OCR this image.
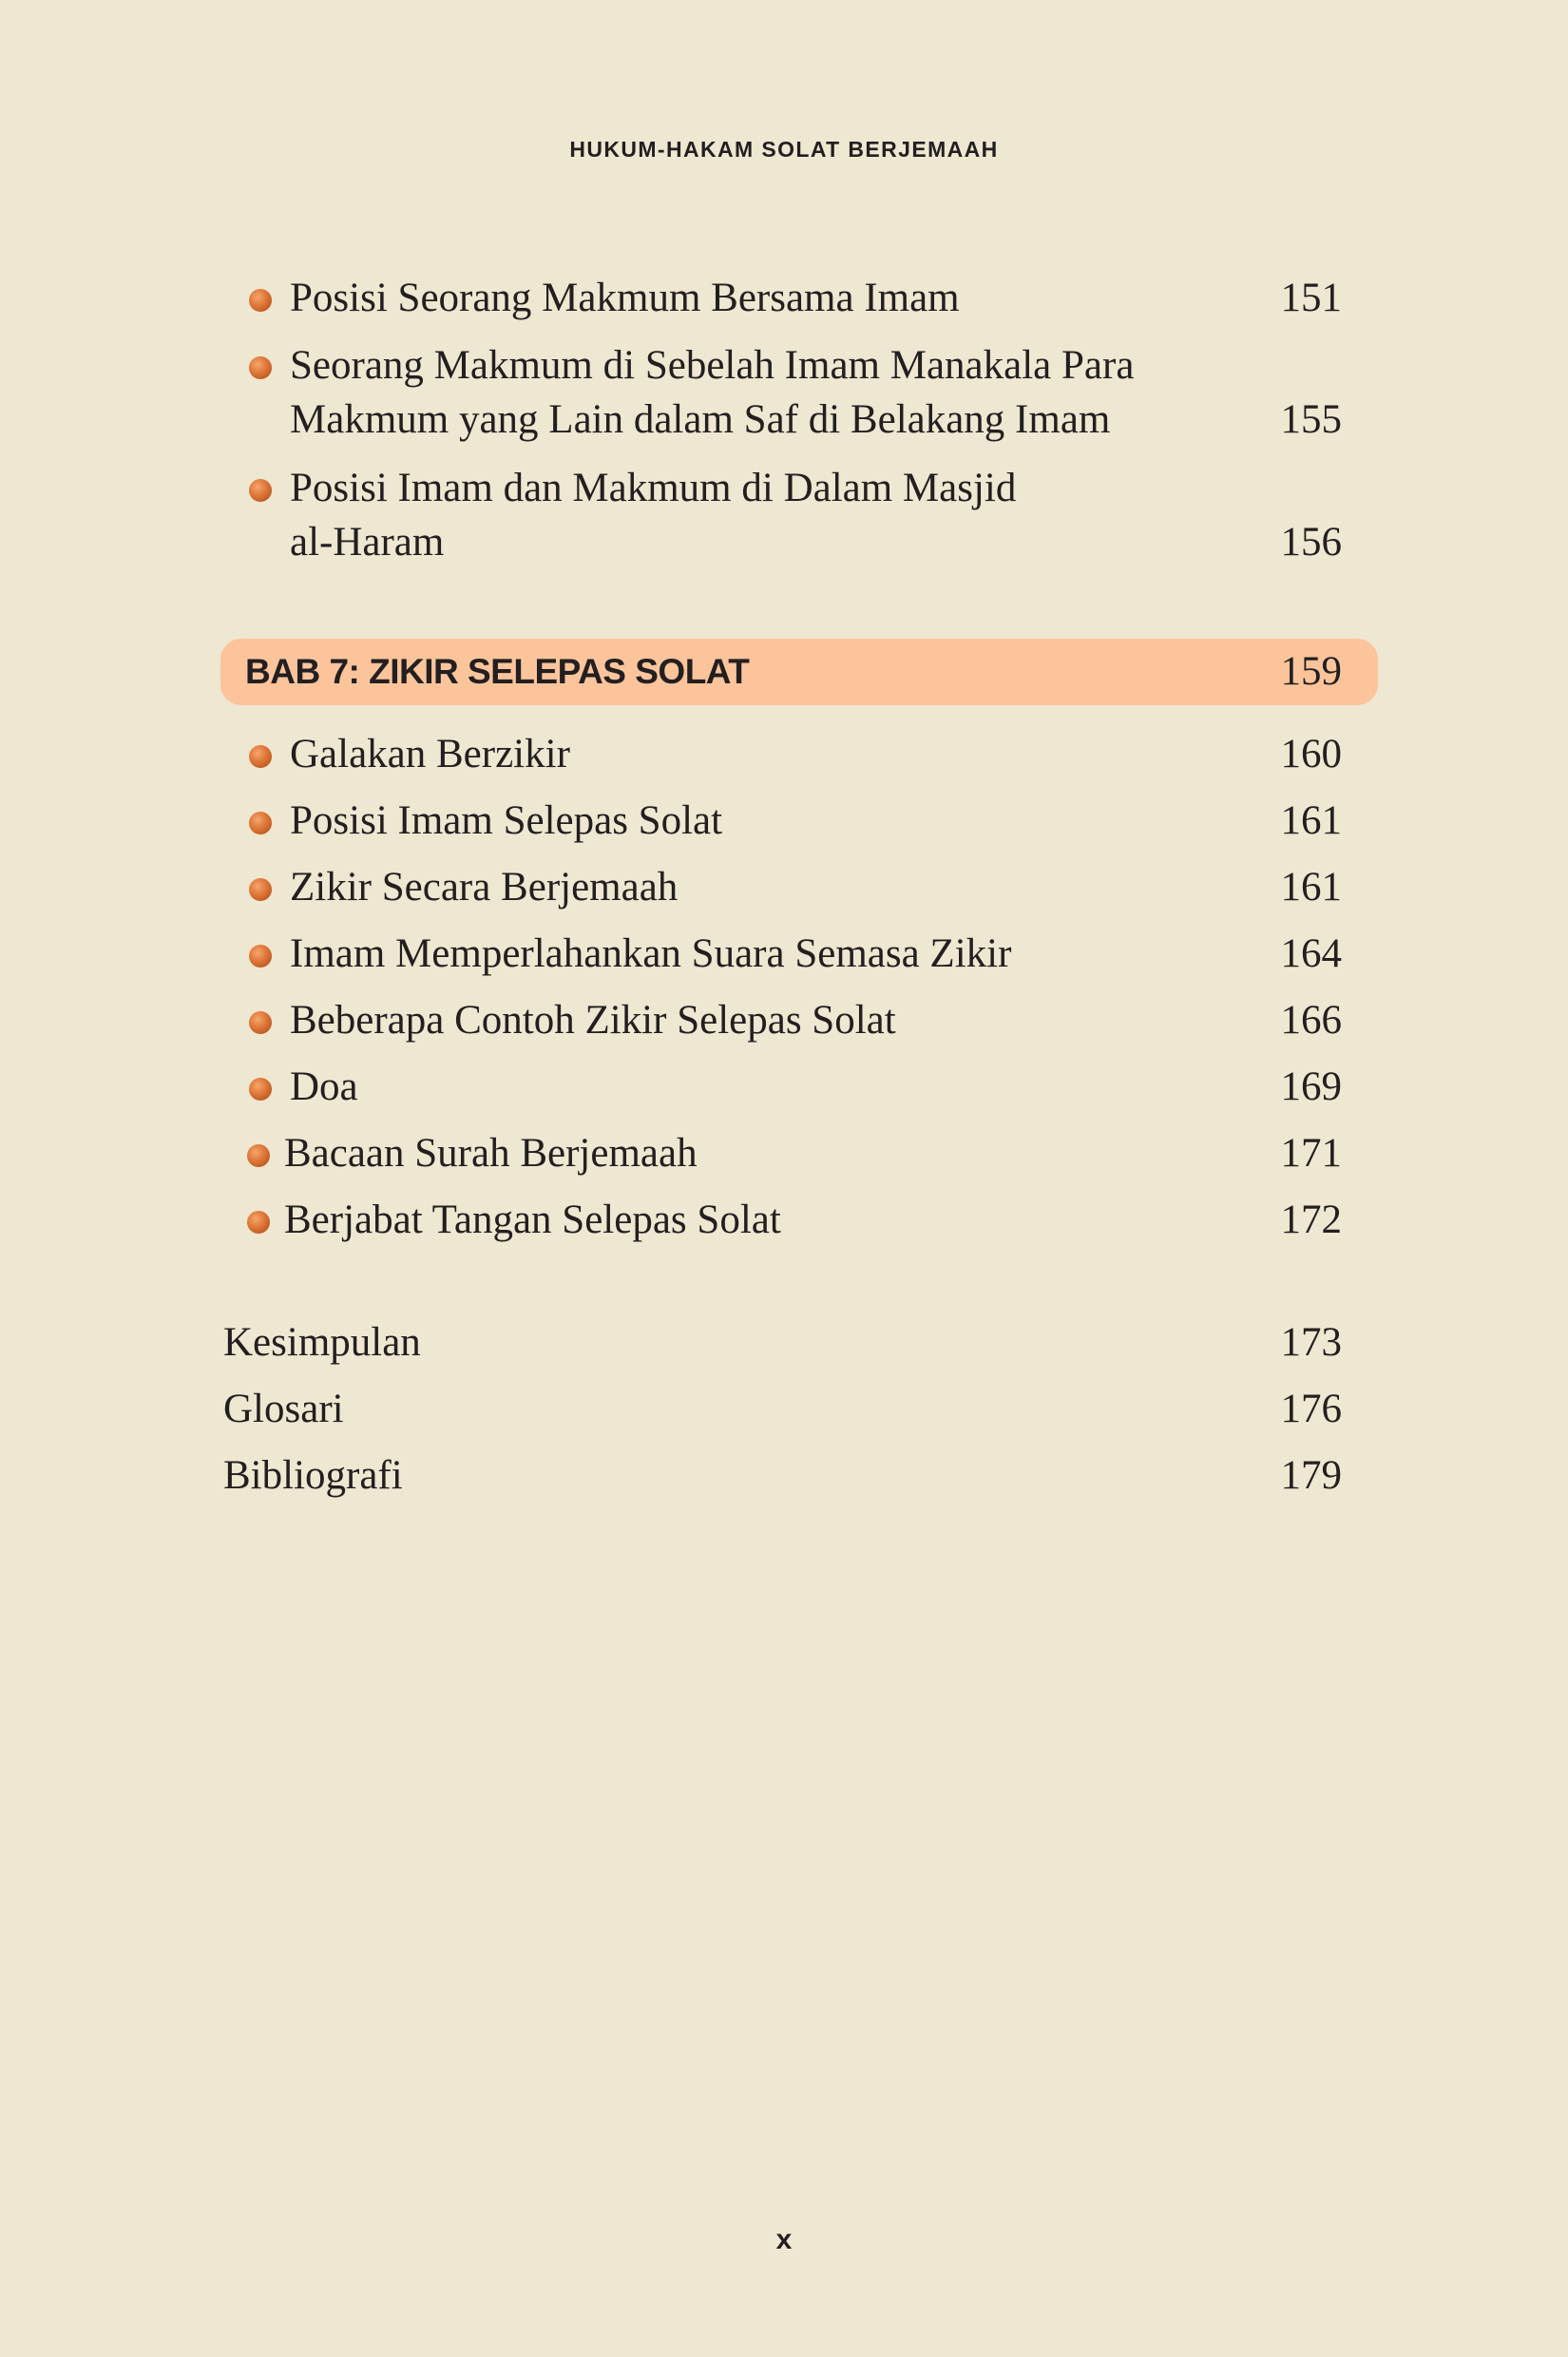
HUKUM-HAKAM SOLAT BERJEMAAH
Posisi Seorang Makmum Bersama Imam	151
Seorang Makmum di Sebelah Imam Manakala Para
Makmum yang Lain dalam Saf di Belakang Imam	155
Posisi Imam dan Makmum di Dalam Masjid
al-Haram	156
BAB 7: ZIKIR SELEPAS SOLAT	159
Galakan Berzikir	160
Posisi Imam Selepas Solat	161
Zikir Secara Berjemaah	161
Imam Memperlahankan Suara Semasa Zikir	164
Beberapa Contoh Zikir Selepas Solat	166
Doa	169
Bacaan Surah Berjemaah	171
Berjabat Tangan Selepas Solat	172
Kesimpulan	173
Glosari	176
Bibliografi	179
x
